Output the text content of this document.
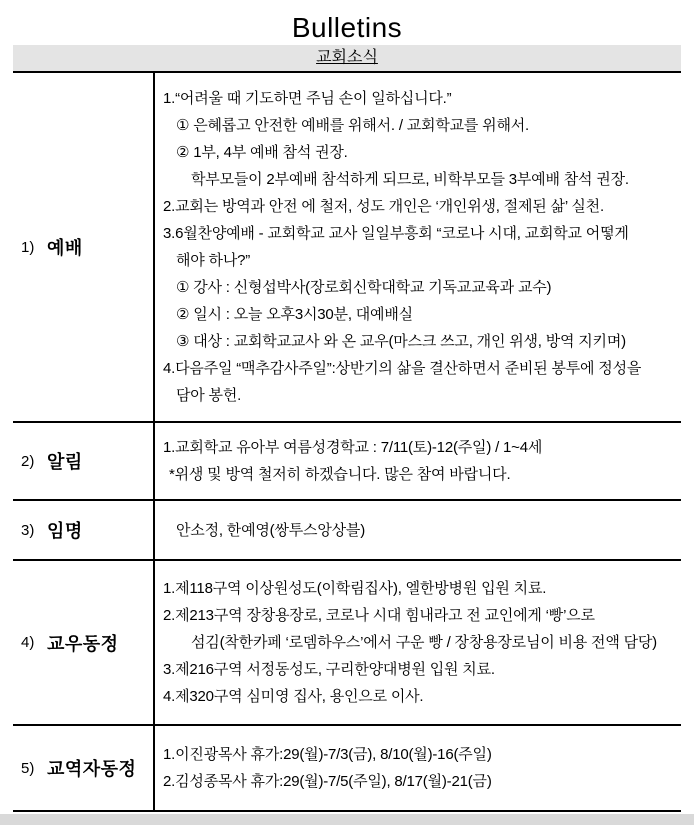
Bulletins
교회소식
1) 예배

1.“어려울 때 기도하면 주님 손이 일하십니다.”

① 은혜롭고 안전한 예배를 위해서. / 교회학교를 위해서.

② 1부, 4부 예배 참석 권장.

학부모들이 2부예배 참석하게 되므로, 비학부모들 3부예배 참석 권장.

2.교회는 방역과 안전 에 철저, 성도 개인은 ‘개인위생, 절제된 삶’ 실천.

3.6월찬양예배 - 교회학교 교사 일일부흥회 “코로나 시대, 교회학교 어떻게

해야 하나?”

① 강사 : 신형섭박사(장로회신학대학교 기독교교육과 교수)

② 일시 : 오늘 오후3시30분, 대예배실

③ 대상 : 교회학교교사 와 온 교우(마스크 쓰고, 개인 위생, 방역 지키며)

4.다음주일 “맥추감사주일”:상반기의 삶을 결산하면서 준비된 봉투에 정성을

담아 봉헌.

2) 알림

1.교회학교 유아부 여름성경학교 : 7/11(토)-12(주일) / 1~4세

*위생 및 방역 철저히 하겠습니다. 많은 참여 바랍니다.

3) 임명	안소정, 한예영(쌍투스앙상블)

4) 교우동정

1.제118구역 이상원성도(이학림집사), 엘한방병원 입원 치료.

2.제213구역 장창용장로, 코로나 시대 힘내라고 전 교인에게 ‘빵’으로

섬김(착한카페 ‘로뎀하우스’에서 구운 빵 / 장창용장로님이 비용 전액 담당)

3.제216구역 서정동성도, 구리한양대병원 입원 치료.

4.제320구역 심미영 집사, 용인으로 이사.

5) 교역자동정

1.이진광목사 휴가:29(월)-7/3(금), 8/10(월)-16(주일)

2.김성종목사 휴가:29(월)-7/5(주일), 8/17(월)-21(금)
